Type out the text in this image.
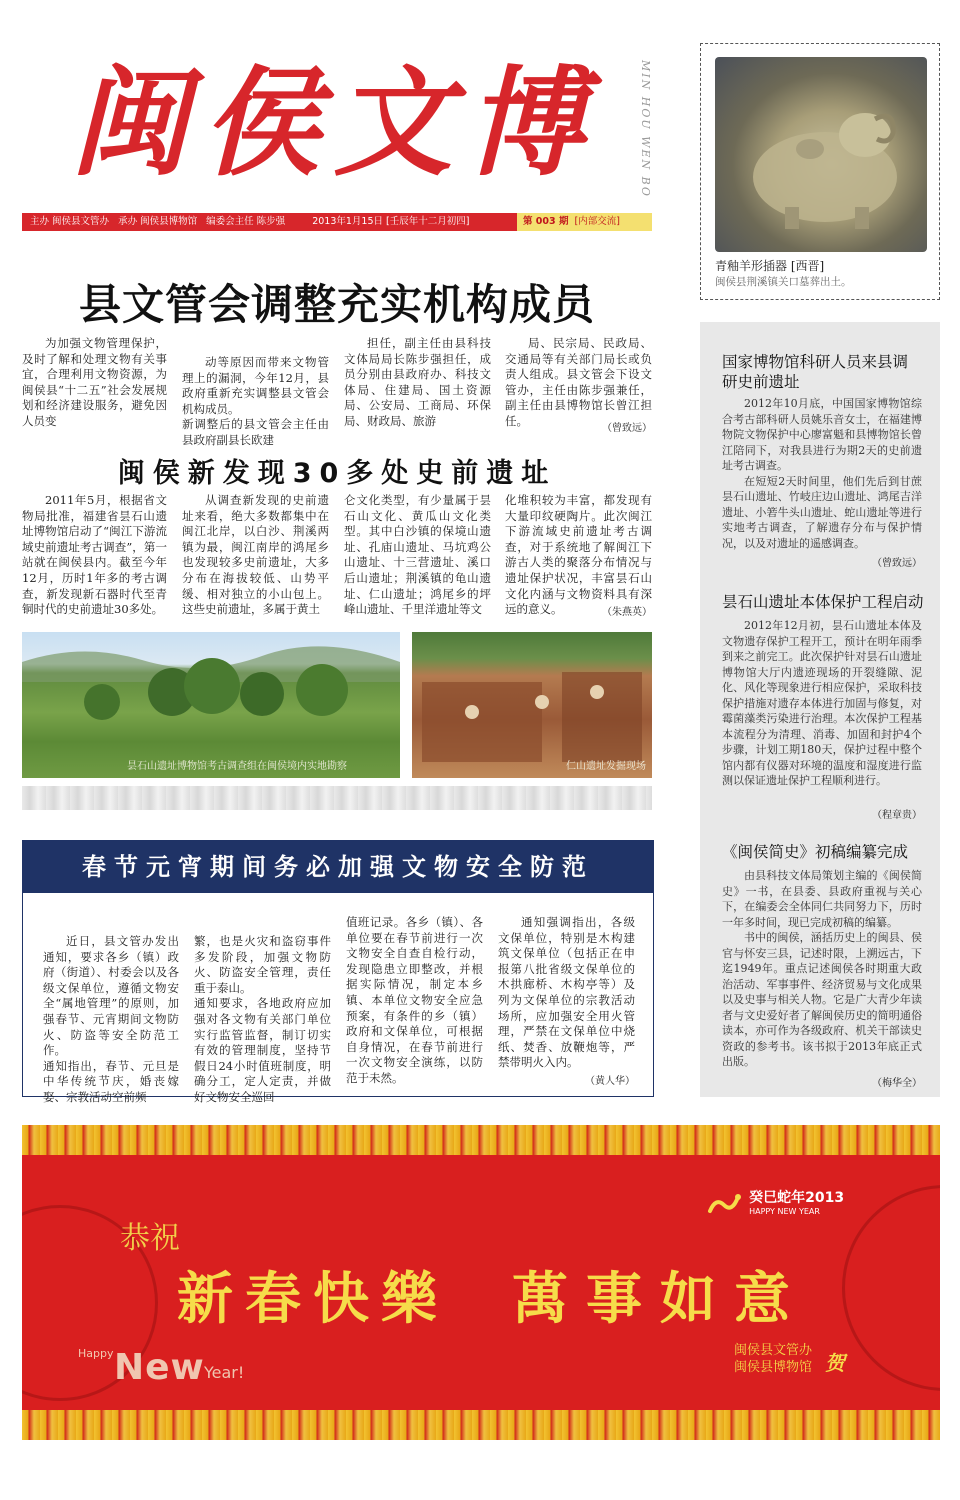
闽侯文博	MIN HOU WEN BO
主办 闽侯县文管办 承办 闽侯县博物馆 编委会主任 陈步强	2013年1月15日 [壬辰年十二月初四]	第 003 期 [内部交流]
青釉羊形插器 [西晋]
闽侯县荆溪镇关口墓葬出土。
县文管会调整充实机构成员

为加强文物管理保护，及时了解和处理文物有关事宜，合理利用文物资源，为闽侯县“十二五”社会发展规划和经济建设服务，避免因人员变

动等原因而带来文物管理上的漏洞，今年12月，县政府重新充实调整县文管会机构成员。
新调整后的县文管会主任由县政府副县长欧建

担任，副主任由县科技文体局局长陈步强担任，成员分别由县政府办、科技文体局、住建局、国土资源局、公安局、工商局、环保局、财政局、旅游

局、民宗局、民政局、交通局等有关部门局长或负责人组成。县文管会下设文管办，主任由陈步强兼任，副主任由县博物馆长曾江担任。

（曾致远）
闽侯新发现30多处史前遗址

2011年5月，根据省文物局批准，福建省昙石山遗址博物馆启动了“闽江下游流域史前遗址考古调查”，第一站就在闽侯县内。截至今年12月，历时1年多的考古调查，新发现新石器时代至青铜时代的史前遗址30多处。

从调查新发现的史前遗址来看，绝大多数都集中在闽江北岸，以白沙、荆溪两镇为最，闽江南岸的鸿尾乡也发现较多史前遗址，大多分布在海拔较低、山势平缓、相对独立的小山包上。这些史前遗址，多属于黄土

仑文化类型，有少量属于昙石山文化、黄瓜山文化类型。其中白沙镇的保境山遗址、孔庙山遗址、马坑鸡公山遗址、十三营遗址、溪口后山遗址；荆溪镇的龟山遗址、仁山遗址；鸿尾乡的坪峰山遗址、千里洋遗址等文

化堆积较为丰富，都发现有大量印纹硬陶片。此次闽江下游流域史前遗址考古调查，对于系统地了解闽江下游古人类的聚落分布情况与遗址保护状况，丰富昙石山文化内涵与文物资料具有深远的意义。	（朱燕英）
昙石山遗址博物馆考古调查组在闽侯境内实地勘察	仁山遗址发掘现场
春节元宵期间务必加强文物安全防范

近日，县文管办发出通知，要求各乡（镇）政府（街道）、村委会以及各级文保单位，遵循文物安全“属地管理”的原则，加强春节、元宵期间文物防火、防盗等安全防范工作。
通知指出，春节、元旦是中华传统节庆，婚丧嫁娶、宗教活动空前频

繁，也是火灾和盗窃事件多发阶段，加强文物防火、防盗安全管理，责任重于泰山。
通知要求，各地政府应加强对各文物有关部门单位实行监管监督，制订切实有效的管理制度，坚持节假日24小时值班制度，明确分工，定人定责，并做好文物安全巡回

值班记录。各乡（镇）、各单位要在春节前进行一次文物安全自查自检行动，发现隐患立即整改，并根据实际情况，制定本乡镇、本单位文物安全应急预案，有条件的乡（镇）政府和文保单位，可根据自身情况，在春节前进行一次文物安全演练，以防范于未然。

通知强调指出，各级文保单位，特别是木构建筑文保单位（包括正在申报第八批省级文保单位的木拱廊桥、木构亭等）及列为文保单位的宗教活动场所，应加强安全用火管理，严禁在文保单位中烧纸、焚香、放鞭炮等，严禁带明火入内。

（黄人华）
国家博物馆科研人员来县调研史前遗址

2012年10月底，中国国家博物馆综合考古部科研人员姚乐音女士，在福建博物院文物保护中心廖富魁和县博物馆长曾江陪同下，对我县进行为期2天的史前遗址考古调查。

在短短2天时间里，他们先后到甘蔗昙石山遗址、竹岐庄边山遗址、鸿尾吉洋遗址、小箬牛头山遗址、蛇山遗址等进行实地考古调查，了解遗存分布与保护情况，以及对遗址的遥感调查。

（曾致远）
昙石山遗址本体保护工程启动

2012年12月初，昙石山遗址本体及文物遗存保护工程开工，预计在明年雨季到来之前完工。此次保护针对昙石山遗址博物馆大厅内遗迹现场的开裂缝隙、泥化、风化等现象进行相应保护，采取科技保护措施对遗存本体进行加固与修复，对霉菌藻类污染进行治理。本次保护工程基本流程分为清理、消毒、加固和封护4个步骤，计划工期180天，保护过程中整个馆内都有仪器对环境的温度和湿度进行监测以保证遗址保护工程顺利进行。

（程章贵）
《闽侯简史》初稿编纂完成

由县科技文体局策划主编的《闽侯简史》一书，在县委、县政府重视与关心下，在编委会全体同仁共同努力下，历时一年多时间，现已完成初稿的编纂。

书中的闽侯，涵括历史上的闽县、侯官与怀安三县，记述时限，上溯远古，下迄1949年。重点记述闽侯各时期重大政治活动、军事事件、经济贸易与文化成果以及史事与相关人物。它是广大青少年读者与文史爱好者了解闽侯历史的简明通俗读本，亦可作为各级政府、机关干部读史资政的参考书。该书拟于2013年底正式出版。

（梅华全）
恭祝
新春快樂 萬事如意
Happy New Year!

癸巳蛇年2013
HAPPY NEW YEAR
闽侯县文管办
闽侯县博物馆 贺
